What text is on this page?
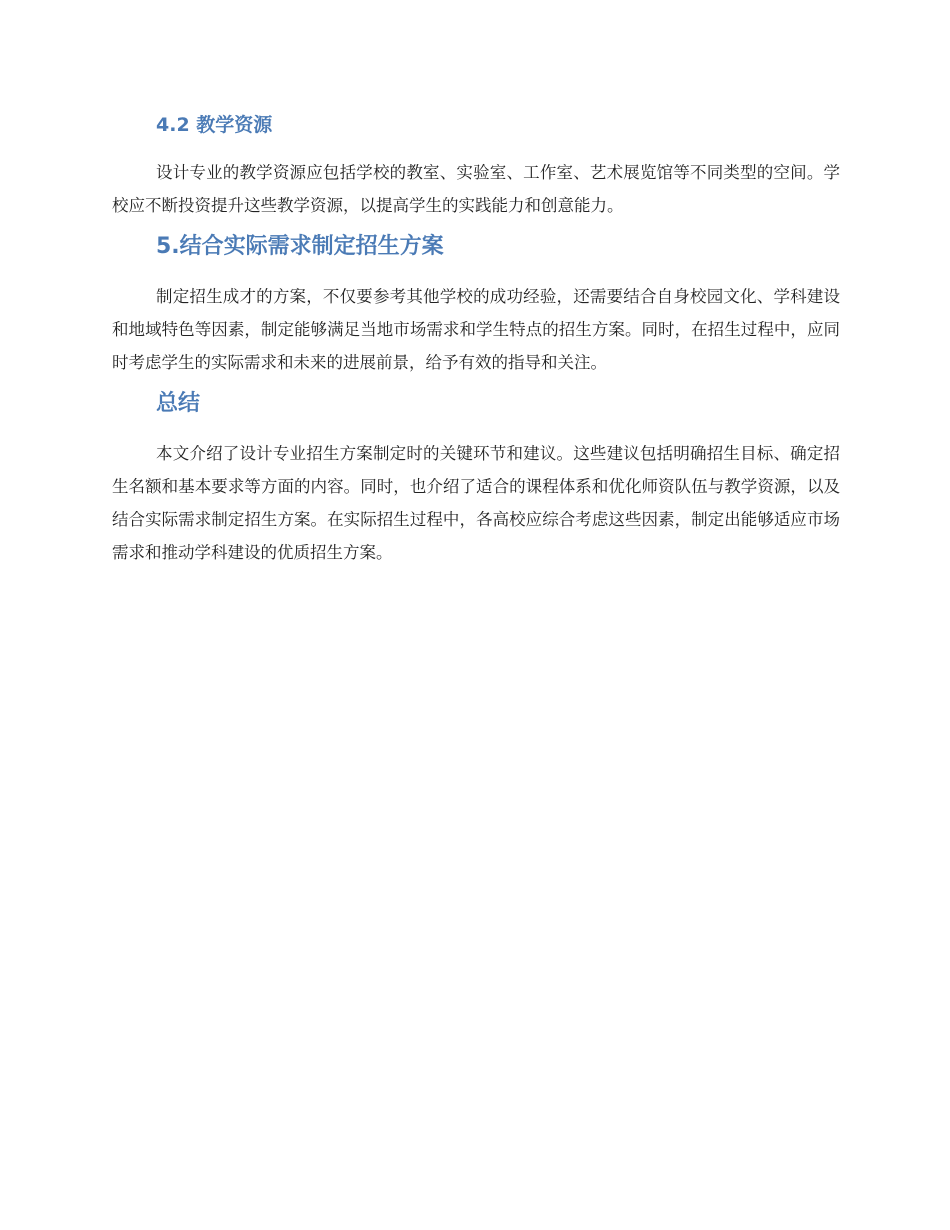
4.2 教学资源

设计专业的教学资源应包括学校的教室、实验室、工作室、艺术展览馆等不同类型的空间。学校应不断投资提升这些教学资源，以提高学生的实践能力和创意能力。

5.结合实际需求制定招生方案

制定招生成才的方案，不仅要参考其他学校的成功经验，还需要结合自身校园文化、学科建设和地域特色等因素，制定能够满足当地市场需求和学生特点的招生方案。同时，在招生过程中，应同时考虑学生的实际需求和未来的进展前景，给予有效的指导和关注。

总结

本文介绍了设计专业招生方案制定时的关键环节和建议。这些建议包括明确招生目标、确定招生名额和基本要求等方面的内容。同时，也介绍了适合的课程体系和优化师资队伍与教学资源，以及结合实际需求制定招生方案。在实际招生过程中，各高校应综合考虑这些因素，制定出能够适应市场需求和推动学科建设的优质招生方案。
